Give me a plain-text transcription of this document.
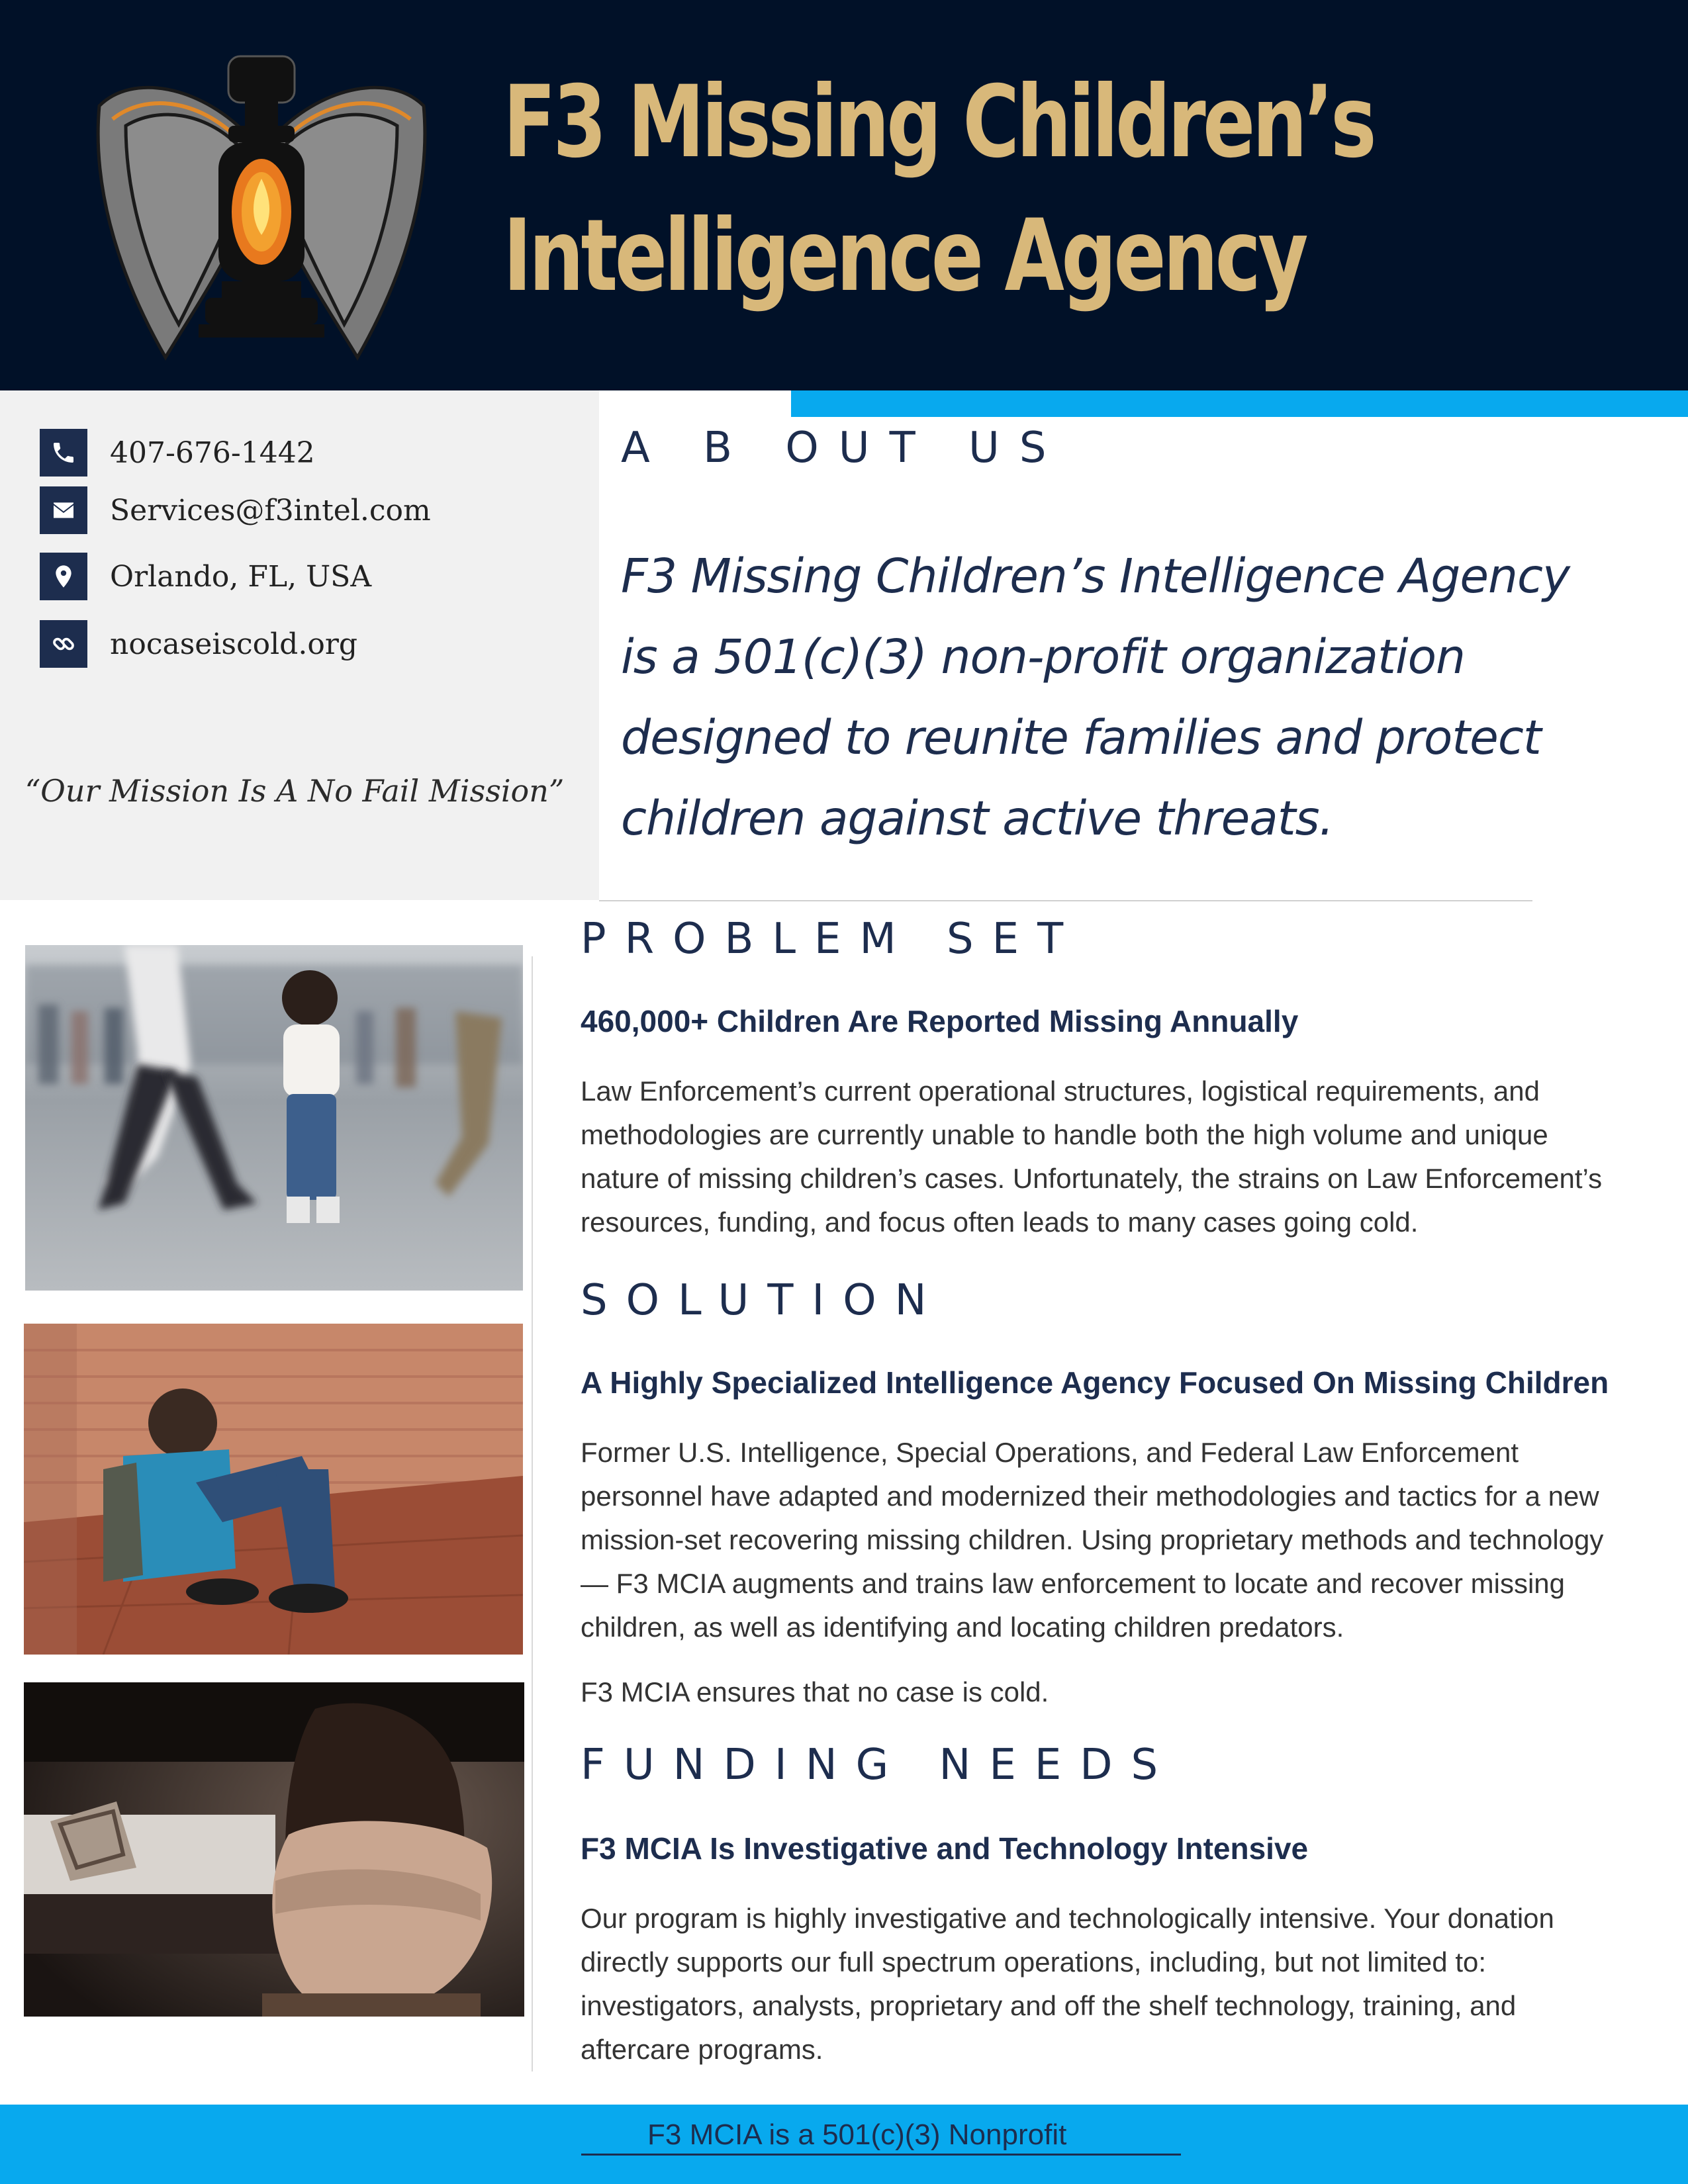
F3 Missing Children’s
Intelligence Agency
407-676-1442
Services@f3intel.com
Orlando, FL, USA
nocaseiscold.org
“Our Mission Is A No Fail Mission”
A B OUT US
F3 Missing Children’s Intelligence Agency is a 501(c)(3) non-profit organization designed to reunite families and protect children against active threats.
PROBLEM SET
460,000+ Children Are Reported Missing Annually
Law Enforcement’s current operational structures, logistical requirements, and methodologies are currently unable to handle both the high volume and unique nature of missing children’s cases. Unfortunately, the strains on Law Enforcement’s resources, funding, and focus often leads to many cases going cold.
SOLUTION
A Highly Specialized Intelligence Agency Focused On Missing Children
Former U.S. Intelligence, Special Operations, and Federal Law Enforcement personnel have adapted and modernized their methodologies and tactics for a new mission-set recovering missing children. Using proprietary methods and technology — F3 MCIA augments and trains law enforcement to locate and recover missing children, as well as identifying and locating children predators.
F3 MCIA ensures that no case is cold.
FUNDING NEEDS
F3 MCIA Is Investigative and Technology Intensive
Our program is highly investigative and technologically intensive. Your donation directly supports our full spectrum operations, including, but not limited to: investigators, analysts, proprietary and off the shelf technology, training, and aftercare programs.
F3 MCIA is a 501(c)(3) Nonprofit
